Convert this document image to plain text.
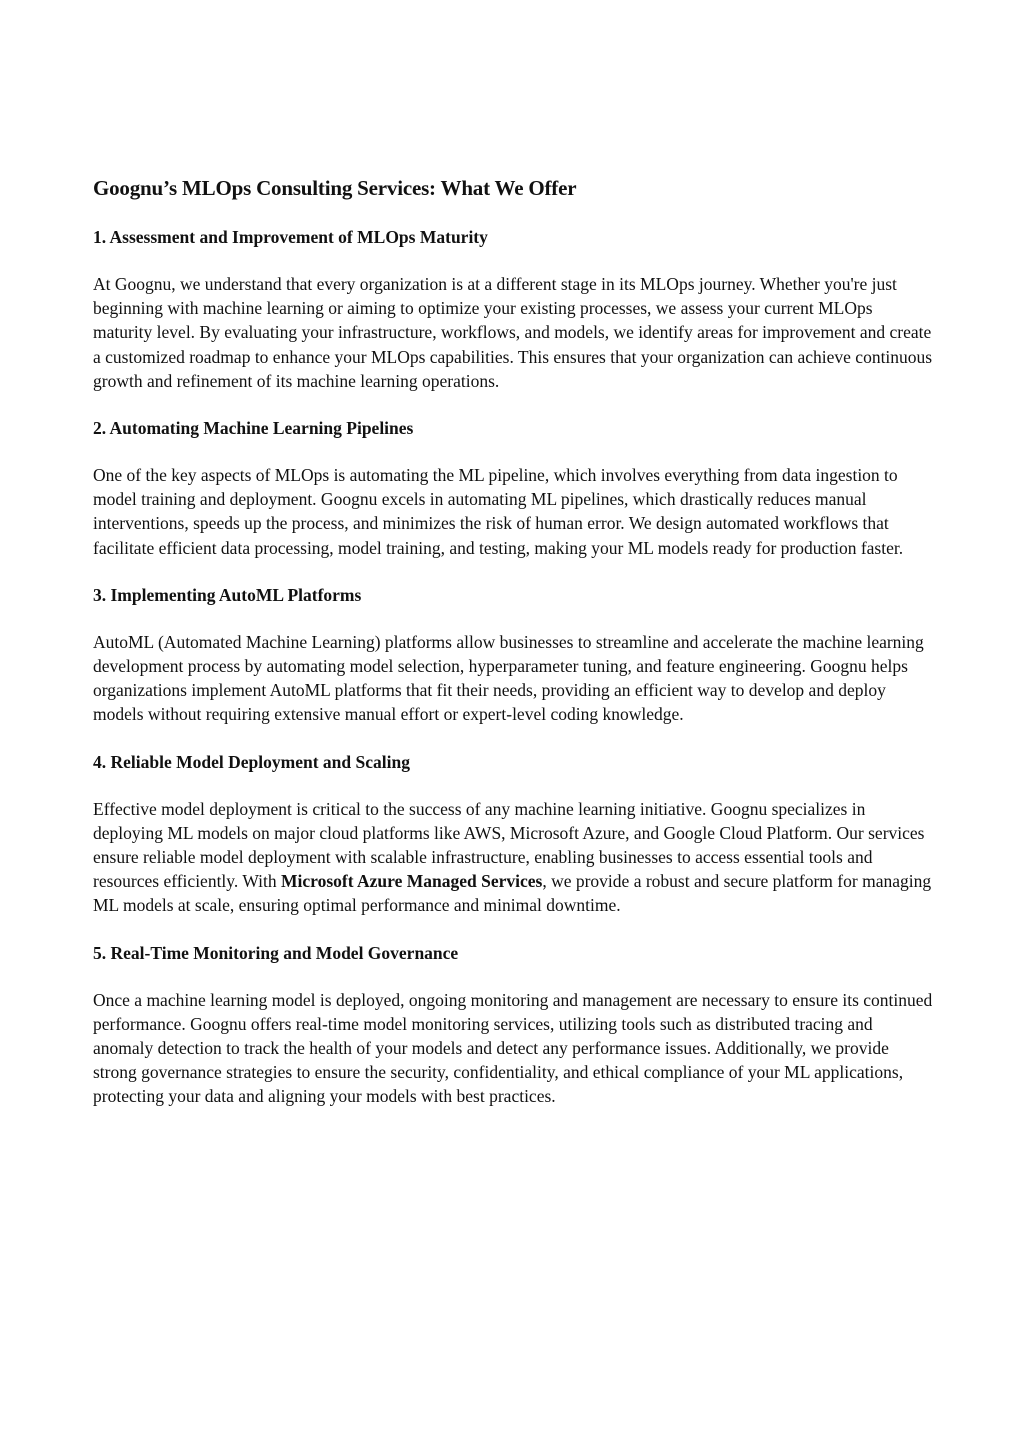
Goognu’s MLOps Consulting Services: What We Offer
1. Assessment and Improvement of MLOps Maturity

At Goognu, we understand that every organization is at a different stage in its MLOps journey. Whether you're just beginning with machine learning or aiming to optimize your existing processes, we assess your current MLOps maturity level. By evaluating your infrastructure, workflows, and models, we identify areas for improvement and create a customized roadmap to enhance your MLOps capabilities. This ensures that your organization can achieve continuous growth and refinement of its machine learning operations.

2. Automating Machine Learning Pipelines

One of the key aspects of MLOps is automating the ML pipeline, which involves everything from data ingestion to model training and deployment. Goognu excels in automating ML pipelines, which drastically reduces manual interventions, speeds up the process, and minimizes the risk of human error. We design automated workflows that facilitate efficient data processing, model training, and testing, making your ML models ready for production faster.

3. Implementing AutoML Platforms

AutoML (Automated Machine Learning) platforms allow businesses to streamline and accelerate the machine learning development process by automating model selection, hyperparameter tuning, and feature engineering. Goognu helps organizations implement AutoML platforms that fit their needs, providing an efficient way to develop and deploy models without requiring extensive manual effort or expert-level coding knowledge.

4. Reliable Model Deployment and Scaling

Effective model deployment is critical to the success of any machine learning initiative. Goognu specializes in deploying ML models on major cloud platforms like AWS, Microsoft Azure, and Google Cloud Platform. Our services ensure reliable model deployment with scalable infrastructure, enabling businesses to access essential tools and resources efficiently. With Microsoft Azure Managed Services, we provide a robust and secure platform for managing ML models at scale, ensuring optimal performance and minimal downtime.

5. Real-Time Monitoring and Model Governance

Once a machine learning model is deployed, ongoing monitoring and management are necessary to ensure its continued performance. Goognu offers real-time model monitoring services, utilizing tools such as distributed tracing and anomaly detection to track the health of your models and detect any performance issues. Additionally, we provide strong governance strategies to ensure the security, confidentiality, and ethical compliance of your ML applications, protecting your data and aligning your models with best practices.
